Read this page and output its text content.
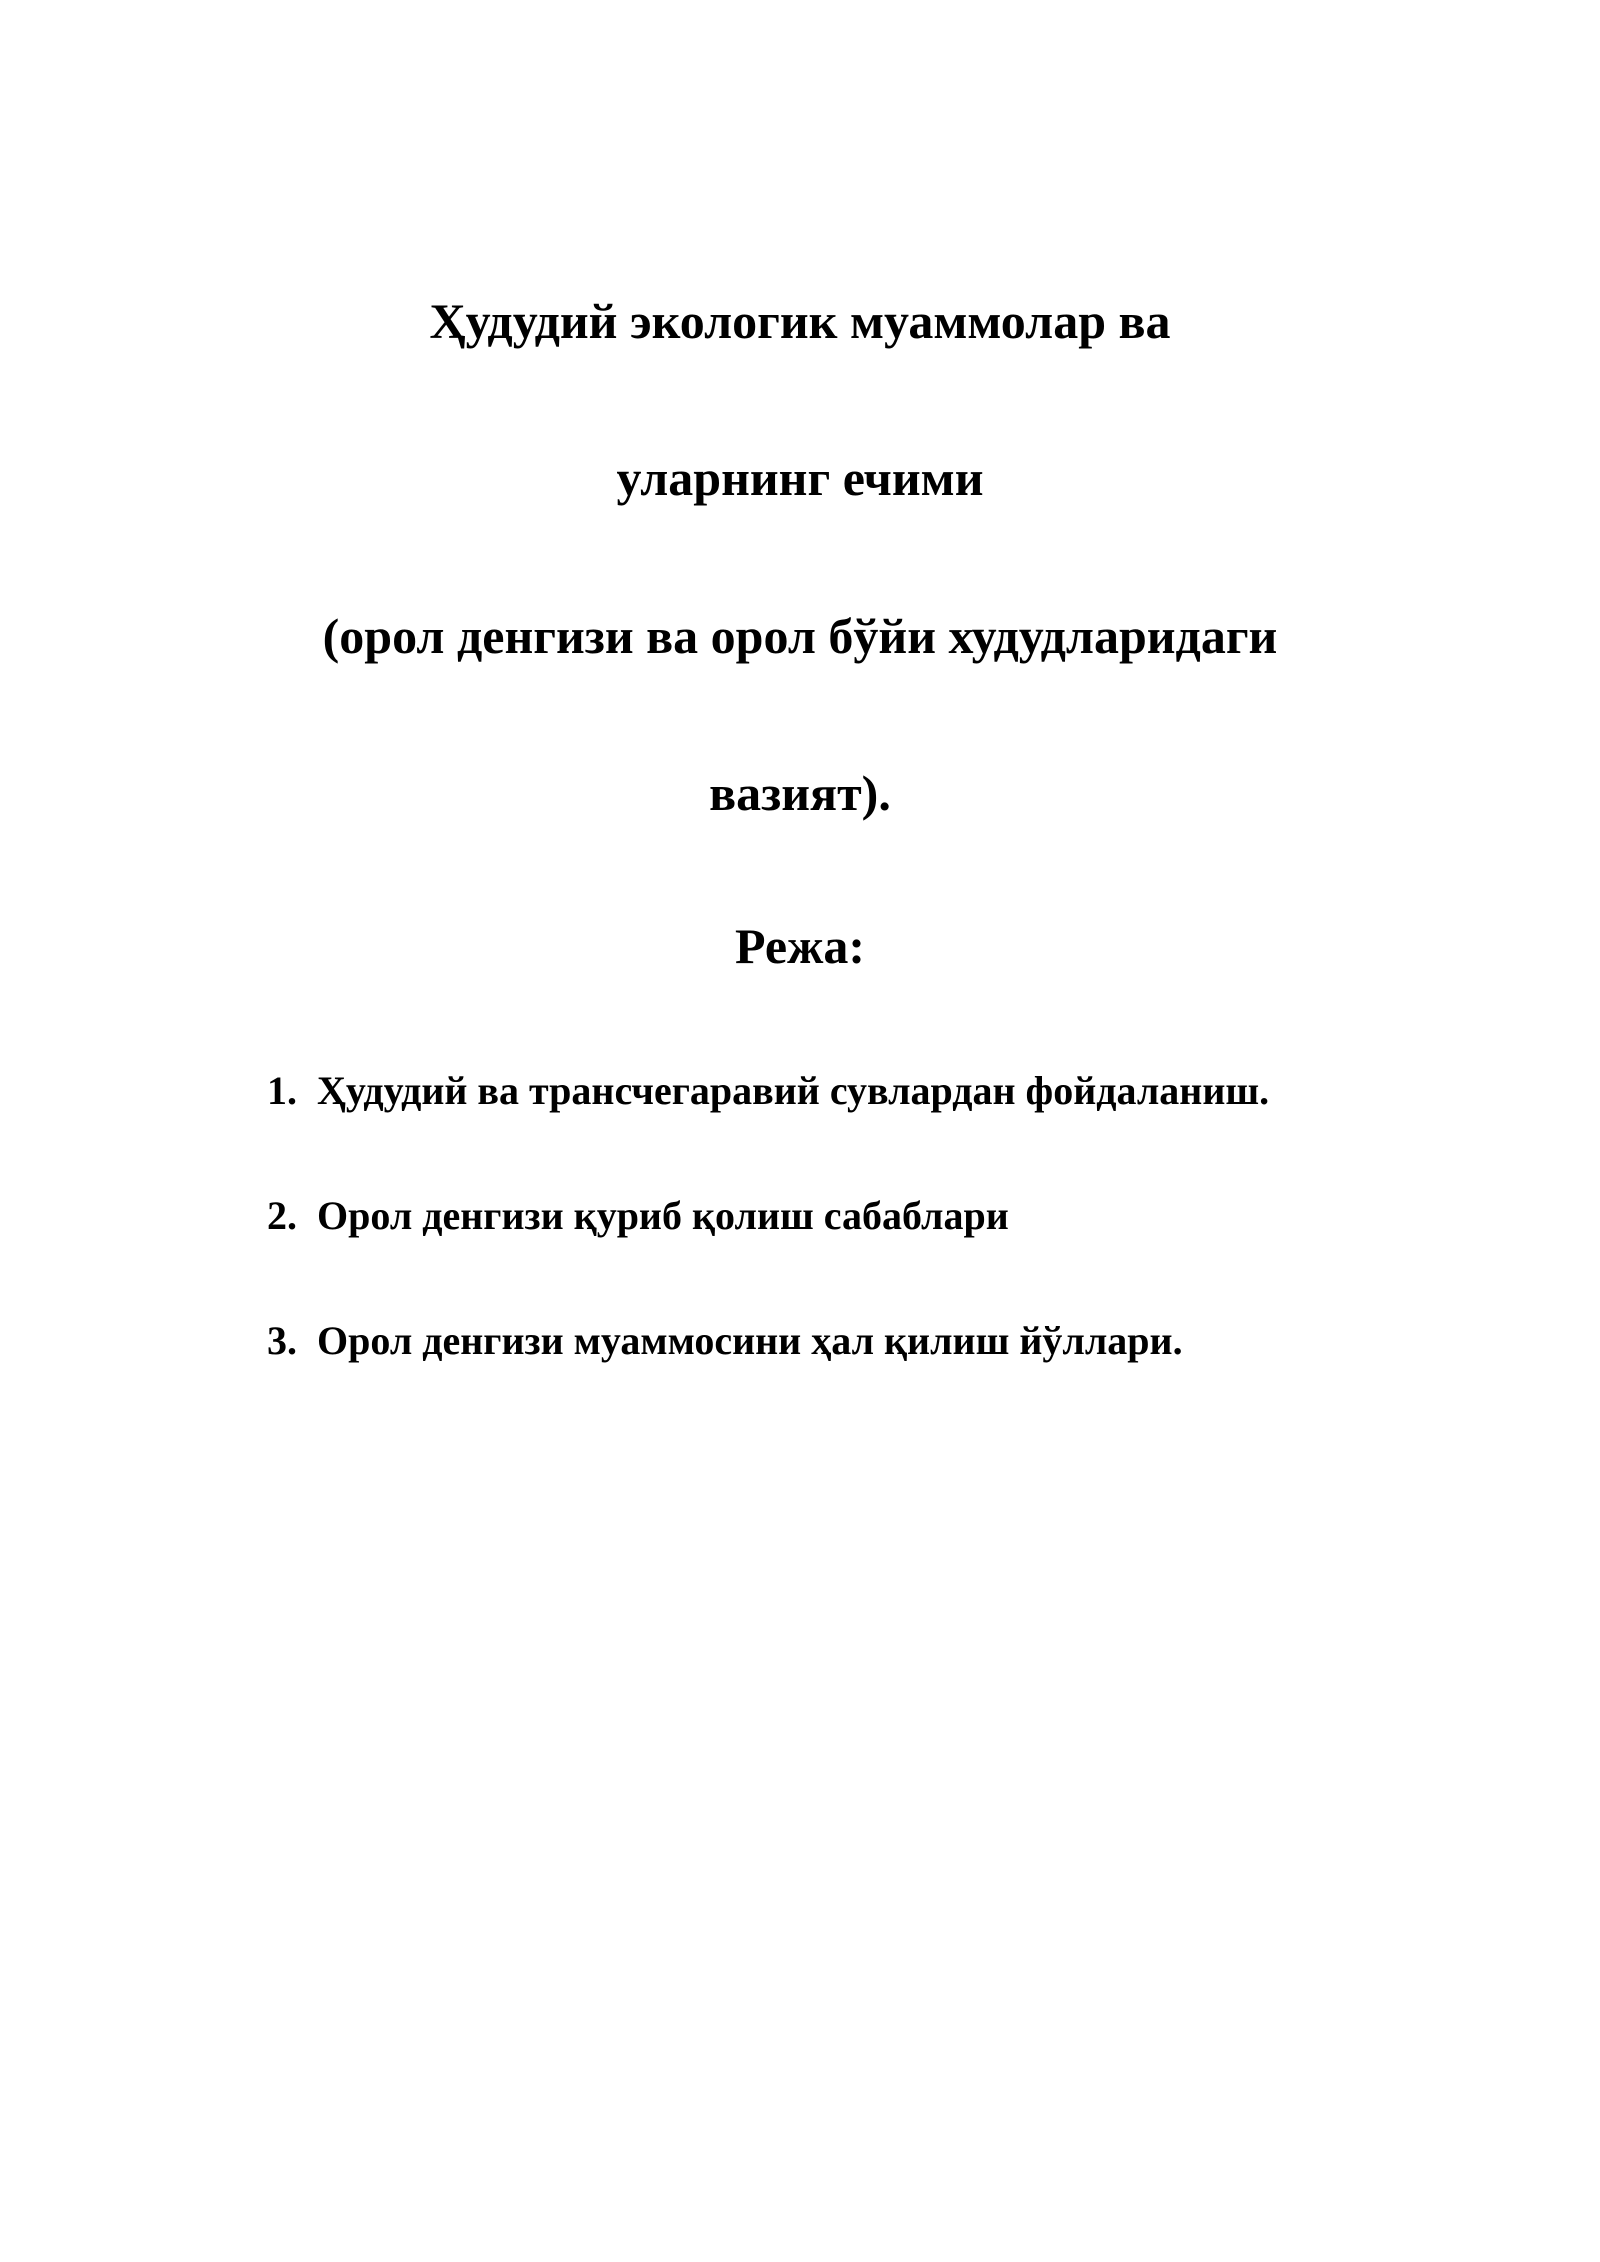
Ҳудудий экологик муаммолар ва
уларнинг ечими
(орол денгизи ва орол бўйи худудларидаги
вазият).
Режа:
1. Ҳудудий ва трансчегаравий сувлардан фойдаланиш.
2. Орол денгизи қуриб қолиш сабаблари
3. Орол денгизи муаммосини ҳал қилиш йўллари.
